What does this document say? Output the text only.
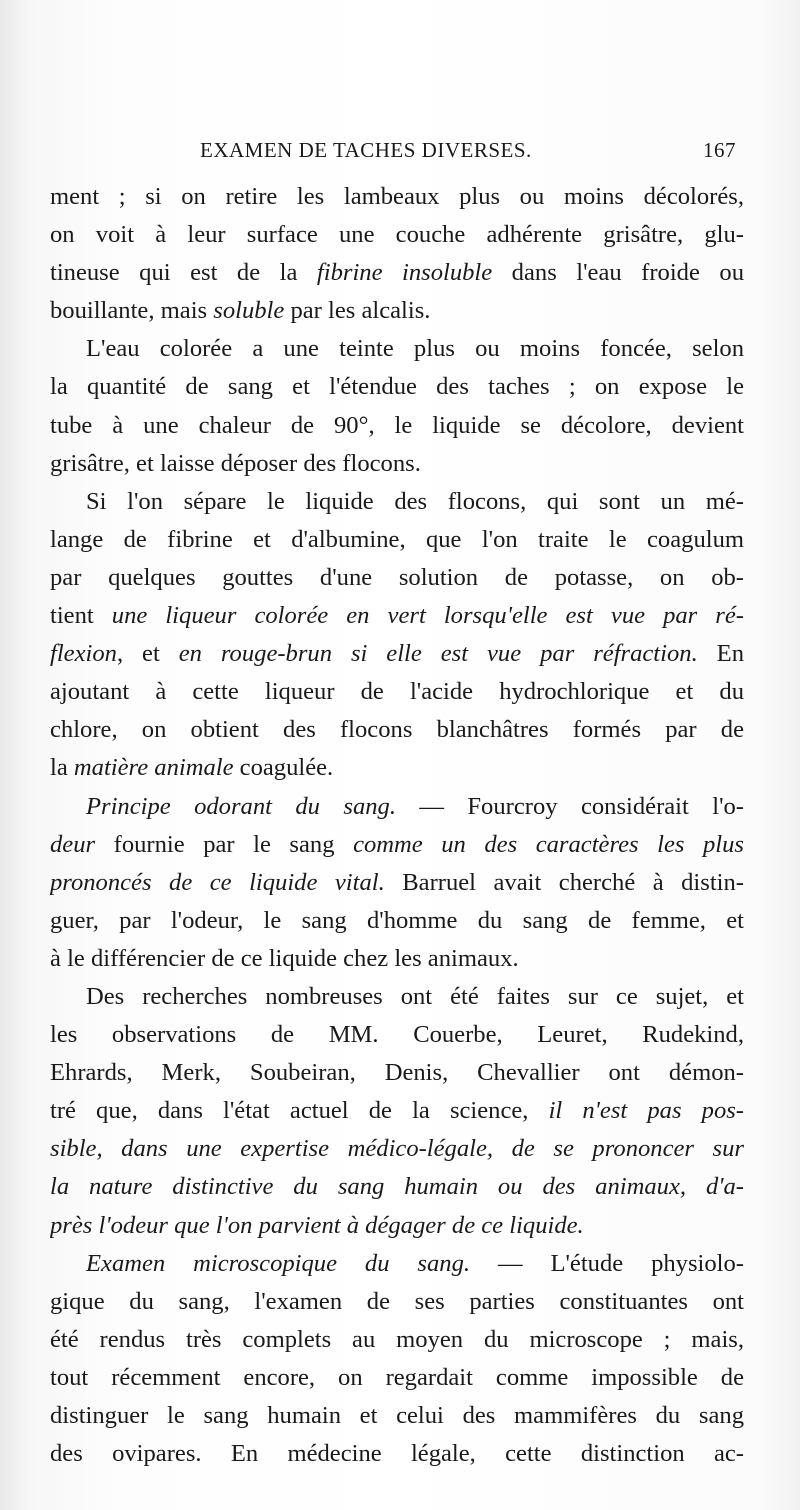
EXAMEN DE TACHES DIVERSES.	167
ment ; si on retire les lambeaux plus ou moins décolorés,
on voit à leur surface une couche adhérente grisâtre, glu-
tineuse qui est de la fibrine insoluble dans l'eau froide ou
bouillante, mais soluble par les alcalis.
L'eau colorée a une teinte plus ou moins foncée, selon
la quantité de sang et l'étendue des taches ; on expose le
tube à une chaleur de 90°, le liquide se décolore, devient
grisâtre, et laisse déposer des flocons.
Si l'on sépare le liquide des flocons, qui sont un mé-
lange de fibrine et d'albumine, que l'on traite le coagulum
par quelques gouttes d'une solution de potasse, on ob-
tient une liqueur colorée en vert lorsqu'elle est vue par ré-
flexion, et en rouge-brun si elle est vue par réfraction. En
ajoutant à cette liqueur de l'acide hydrochlorique et du
chlore, on obtient des flocons blanchâtres formés par de
la matière animale coagulée.
Principe odorant du sang. — Fourcroy considérait l'o-
deur fournie par le sang comme un des caractères les plus
prononcés de ce liquide vital. Barruel avait cherché à distin-
guer, par l'odeur, le sang d'homme du sang de femme, et
à le différencier de ce liquide chez les animaux.
Des recherches nombreuses ont été faites sur ce sujet, et
les observations de MM. Couerbe, Leuret, Rudekind,
Ehrards, Merk, Soubeiran, Denis, Chevallier ont démon-
tré que, dans l'état actuel de la science, il n'est pas pos-
sible, dans une expertise médico-légale, de se prononcer sur
la nature distinctive du sang humain ou des animaux, d'a-
près l'odeur que l'on parvient à dégager de ce liquide.
Examen microscopique du sang. — L'étude physiolo-
gique du sang, l'examen de ses parties constituantes ont
été rendus très complets au moyen du microscope ; mais,
tout récemment encore, on regardait comme impossible de
distinguer le sang humain et celui des mammifères du sang
des ovipares. En médecine légale, cette distinction ac-
